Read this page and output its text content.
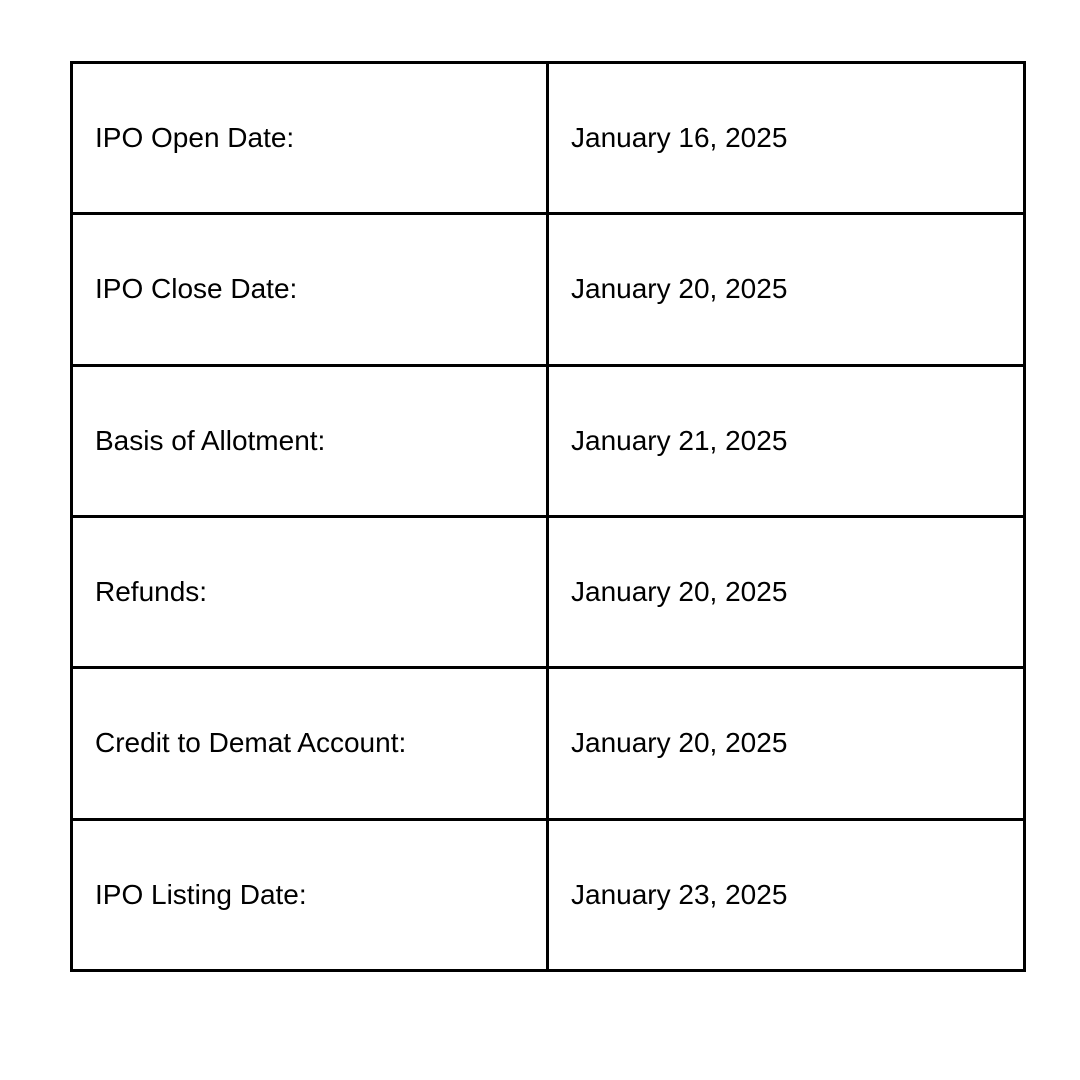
IPO Open Date:	January 16, 2025
IPO Close Date:	January 20, 2025
Basis of Allotment:	January 21, 2025
Refunds:	January 20, 2025
Credit to Demat Account:	January 20, 2025
IPO Listing Date:	January 23, 2025
